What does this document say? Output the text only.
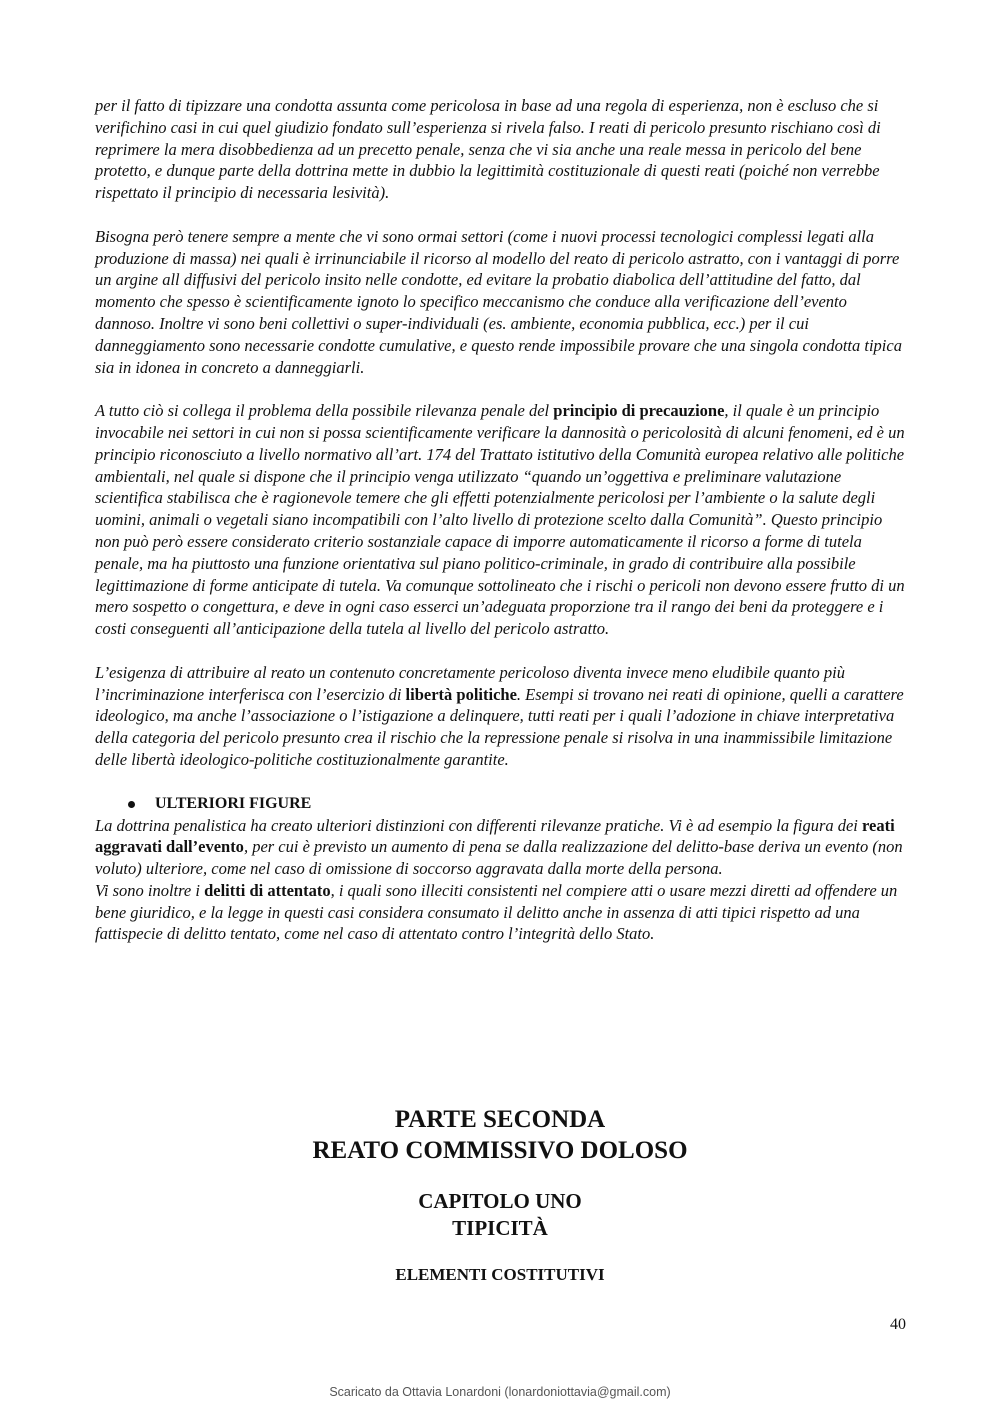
per il fatto di tipizzare una condotta assunta come pericolosa in base ad una regola di esperienza, non è escluso che si verifichino casi in cui quel giudizio fondato sull’esperienza si rivela falso. I reati di pericolo presunto rischiano così di reprimere la mera disobbedienza ad un precetto penale, senza che vi sia anche una reale messa in pericolo del bene protetto, e dunque parte della dottrina mette in dubbio la legittimità costituzionale di questi reati (poiché non verrebbe rispettato il principio di necessaria lesività).

Bisogna però tenere sempre a mente che vi sono ormai settori (come i nuovi processi tecnologici complessi legati alla produzione di massa) nei quali è irrinunciabile il ricorso al modello del reato di pericolo astratto, con i vantaggi di porre un argine all diffusivi del pericolo insito nelle condotte, ed evitare la probatio diabolica dell’attitudine del fatto, dal momento che spesso è scientificamente ignoto lo specifico meccanismo che conduce alla verificazione dell’evento dannoso. Inoltre vi sono beni collettivi o super-individuali (es. ambiente, economia pubblica, ecc.) per il cui danneggiamento sono necessarie condotte cumulative, e questo rende impossibile provare che una singola condotta tipica sia in idonea in concreto a danneggiarli.

A tutto ciò si collega il problema della possibile rilevanza penale del principio di precauzione, il quale è un principio invocabile nei settori in cui non si possa scientificamente verificare la dannosità o pericolosità di alcuni fenomeni, ed è un principio riconosciuto a livello normativo all’art. 174 del Trattato istitutivo della Comunità europea relativo alle politiche ambientali, nel quale si dispone che il principio venga utilizzato “quando un’oggettiva e preliminare valutazione scientifica stabilisca che è ragionevole temere che gli effetti potenzialmente pericolosi per l’ambiente o la salute degli uomini, animali o vegetali siano incompatibili con l’alto livello di protezione scelto dalla Comunità”. Questo principio non può però essere considerato criterio sostanziale capace di imporre automaticamente il ricorso a forme di tutela penale, ma ha piuttosto una funzione orientativa sul piano politico-criminale, in grado di contribuire alla possibile legittimazione di forme anticipate di tutela. Va comunque sottolineato che i rischi o pericoli non devono essere frutto di un mero sospetto o congettura, e deve in ogni caso esserci un’adeguata proporzione tra il rango dei beni da proteggere e i costi conseguenti all’anticipazione della tutela al livello del pericolo astratto.

L’esigenza di attribuire al reato un contenuto concretamente pericoloso diventa invece meno eludibile quanto più l’incriminazione interferisca con l’esercizio di libertà politiche. Esempi si trovano nei reati di opinione, quelli a carattere ideologico, ma anche l’associazione o l’istigazione a delinquere, tutti reati per i quali l’adozione in chiave interpretativa della categoria del pericolo presunto crea il rischio che la repressione penale si risolva in una inammissibile limitazione delle libertà ideologico-politiche costituzionalmente garantite.

ULTERIORI FIGURE

La dottrina penalistica ha creato ulteriori distinzioni con differenti rilevanze pratiche. Vi è ad esempio la figura dei reati aggravati dall’evento, per cui è previsto un aumento di pena se dalla realizzazione del delitto-base deriva un evento (non voluto) ulteriore, come nel caso di omissione di soccorso aggravata dalla morte della persona.

Vi sono inoltre i delitti di attentato, i quali sono illeciti consistenti nel compiere atti o usare mezzi diretti ad offendere un bene giuridico, e la legge in questi casi considera consumato il delitto anche in assenza di atti tipici rispetto ad una fattispecie di delitto tentato, come nel caso di attentato contro l’integrità dello Stato.

PARTE SECONDA
REATO COMMISSIVO DOLOSO
CAPITOLO UNO
TIPICITÀ
ELEMENTI COSTITUTIVI
40
Scaricato da Ottavia Lonardoni (lonardoniottavia@gmail.com)
